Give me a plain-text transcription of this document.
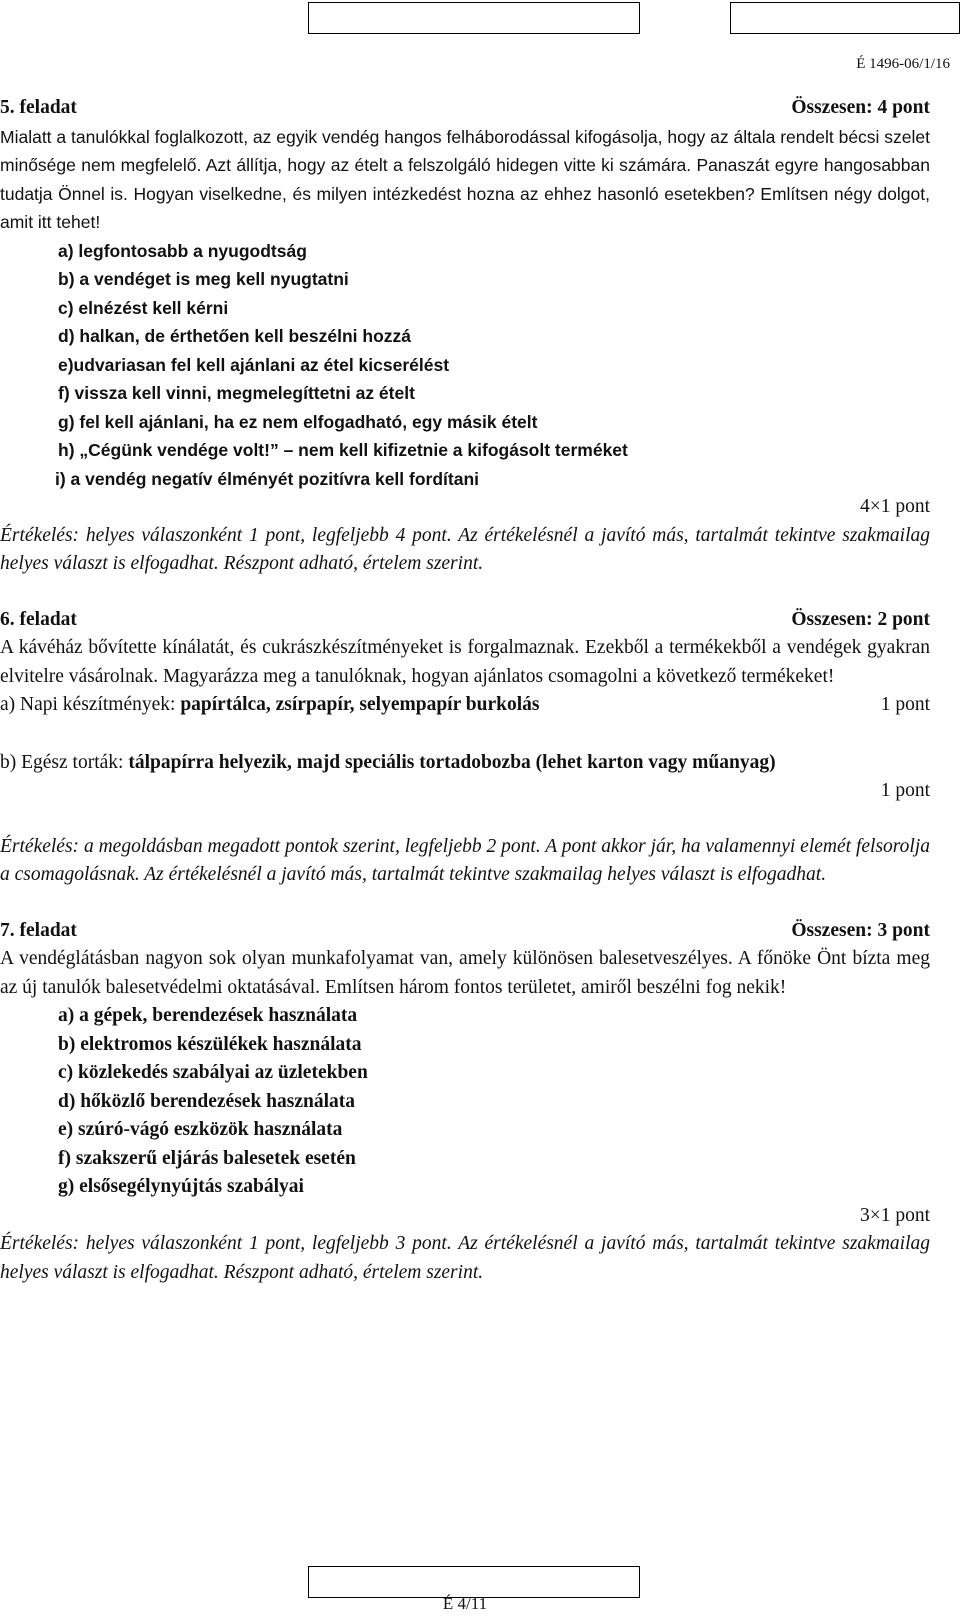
É 1496-06/1/16
5. feladat	Összesen: 4 pont
Mialatt a tanulókkal foglalkozott, az egyik vendég hangos felháborodással kifogásolja, hogy az általa rendelt bécsi szelet minősége nem megfelelő. Azt állítja, hogy az ételt a felszolgáló hidegen vitte ki számára. Panaszát egyre hangosabban tudatja Önnel is. Hogyan viselkedne, és milyen intézkedést hozna az ehhez hasonló esetekben? Említsen négy dolgot, amit itt tehet!
a) legfontosabb a nyugodtság
b) a vendéget is meg kell nyugtatni
c) elnézést kell kérni
d) halkan, de érthetően kell beszélni hozzá
e)udvariasan fel kell ajánlani az étel kicserélést
f) vissza kell vinni, megmelegíttetni az ételt
g) fel kell ajánlani, ha ez nem elfogadható, egy másik ételt
h) „Cégünk vendége volt!” – nem kell kifizetnie a kifogásolt terméket
i) a vendég negatív élményét pozitívra kell fordítani
4×1 pont
Értékelés: helyes válaszonként 1 pont, legfeljebb 4 pont. Az értékelésnél a javító más, tartalmát tekintve szakmailag helyes választ is elfogadhat. Részpont adható, értelem szerint.
6. feladat	Összesen: 2 pont
A kávéház bővítette kínálatát, és cukrászkészítményeket is forgalmaznak. Ezekből a termékekből a vendégek gyakran elvitelre vásárolnak. Magyarázza meg a tanulóknak, hogyan ajánlatos csomagolni a következő termékeket!
a) Napi készítmények: papírtálca, zsírpapír, selyempapír burkolás	1 pont
b) Egész torták: tálpapírra helyezik, majd speciális tortadobozba (lehet karton vagy műanyag)
1 pont
Értékelés: a megoldásban megadott pontok szerint, legfeljebb 2 pont. A pont akkor jár, ha valamennyi elemét felsorolja a csomagolásnak. Az értékelésnél a javító más, tartalmát tekintve szakmailag helyes választ is elfogadhat.
7. feladat	Összesen: 3 pont
A vendéglátásban nagyon sok olyan munkafolyamat van, amely különösen balesetveszélyes. A főnöke Önt bízta meg az új tanulók balesetvédelmi oktatásával. Említsen három fontos területet, amiről beszélni fog nekik!
a) a gépek, berendezések használata
b) elektromos készülékek használata
c) közlekedés szabályai az üzletekben
d) hőközlő berendezések használata
e) szúró-vágó eszközök használata
f) szakszerű eljárás balesetek esetén
g) elsősegélynyújtás szabályai
3×1 pont
Értékelés: helyes válaszonként 1 pont, legfeljebb 3 pont. Az értékelésnél a javító más, tartalmát tekintve szakmailag helyes választ is elfogadhat. Részpont adható, értelem szerint.
É 4/11
